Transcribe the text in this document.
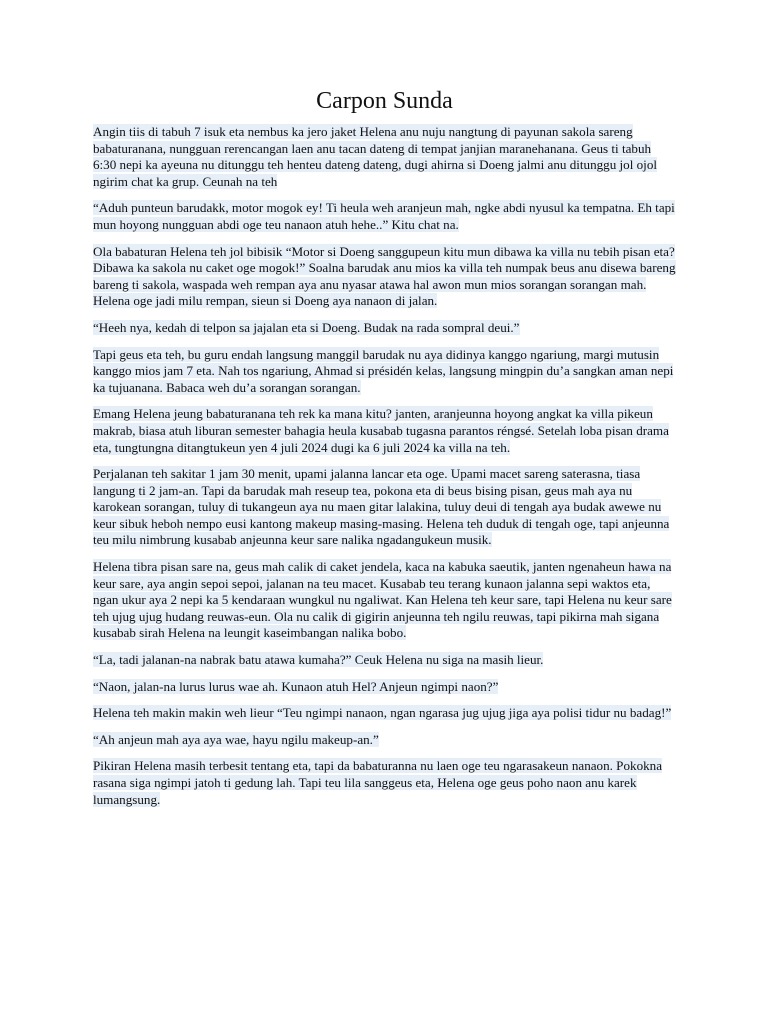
Carpon Sunda

Angin tiis di tabuh 7 isuk eta nembus ka jero jaket Helena anu nuju nangtung di payunan sakola sareng babaturanana, nungguan rerencangan laen anu tacan dateng di tempat janjian maranehanana. Geus ti tabuh 6:30 nepi ka ayeuna nu ditunggu teh henteu dateng dateng, dugi ahirna si Doeng jalmi anu ditunggu jol ojol ngirim chat ka grup. Ceunah na teh

“Aduh punteun barudakk, motor mogok ey! Ti heula weh aranjeun mah, ngke abdi nyusul ka tempatna. Eh tapi mun hoyong nungguan abdi oge teu nanaon atuh hehe..” Kitu chat na.

Ola babaturan Helena teh jol bibisik “Motor si Doeng sanggupeun kitu mun dibawa ka villa nu tebih pisan eta? Dibawa ka sakola nu caket oge mogok!” Soalna barudak anu mios ka villa teh numpak beus anu disewa bareng bareng ti sakola, waspada weh rempan aya anu nyasar atawa hal awon mun mios sorangan sorangan mah. Helena oge jadi milu rempan, sieun si Doeng aya nanaon di jalan.

“Heeh nya, kedah di telpon sa jajalan eta si Doeng. Budak na rada sompral deui.”

Tapi geus eta teh, bu guru endah langsung manggil barudak nu aya didinya kanggo ngariung, margi mutusin kanggo mios jam 7 eta. Nah tos ngariung, Ahmad si présidén kelas, langsung mingpin du’a sangkan aman nepi ka tujuanana. Babaca weh du’a sorangan sorangan.

Emang Helena jeung babaturanana teh rek ka mana kitu? janten, aranjeunna hoyong angkat ka villa pikeun makrab, biasa atuh liburan semester bahagia heula kusabab tugasna parantos réngsé. Setelah loba pisan drama eta, tungtungna ditangtukeun yen 4 juli 2024 dugi ka 6 juli 2024 ka villa na teh.

Perjalanan teh sakitar 1 jam 30 menit, upami jalanna lancar eta oge. Upami macet sareng saterasna, tiasa langung ti 2 jam-an. Tapi da barudak mah reseup tea, pokona eta di beus bising pisan, geus mah aya nu karokean sorangan, tuluy di tukangeun aya nu maen gitar lalakina, tuluy deui di tengah aya budak awewe nu keur sibuk heboh nempo eusi kantong makeup masing-masing. Helena teh duduk di tengah oge, tapi anjeunna teu milu nimbrung kusabab anjeunna keur sare nalika ngadangukeun musik.

Helena tibra pisan sare na, geus mah calik di caket jendela, kaca na kabuka saeutik, janten ngenaheun hawa na keur sare, aya angin sepoi sepoi, jalanan na teu macet. Kusabab teu terang kunaon jalanna sepi waktos eta, ngan ukur aya 2 nepi ka 5 kendaraan wungkul nu ngaliwat. Kan Helena teh keur sare, tapi Helena nu keur sare teh ujug ujug hudang reuwas-eun. Ola nu calik di gigirin anjeunna teh ngilu reuwas, tapi pikirna mah sigana kusabab sirah Helena na leungit kaseimbangan nalika bobo.

“La, tadi jalanan-na nabrak batu atawa kumaha?” Ceuk Helena nu siga na masih lieur.

“Naon, jalan-na lurus lurus wae ah. Kunaon atuh Hel? Anjeun ngimpi naon?”

Helena teh makin makin weh lieur “Teu ngimpi nanaon, ngan ngarasa jug ujug jiga aya polisi tidur nu badag!”

“Ah anjeun mah aya aya wae, hayu ngilu makeup-an.”

Pikiran Helena masih terbesit tentang eta, tapi da babaturanna nu laen oge teu ngarasakeun nanaon. Pokokna rasana siga ngimpi jatoh ti gedung lah. Tapi teu lila sanggeus eta, Helena oge geus poho naon anu karek lumangsung.
